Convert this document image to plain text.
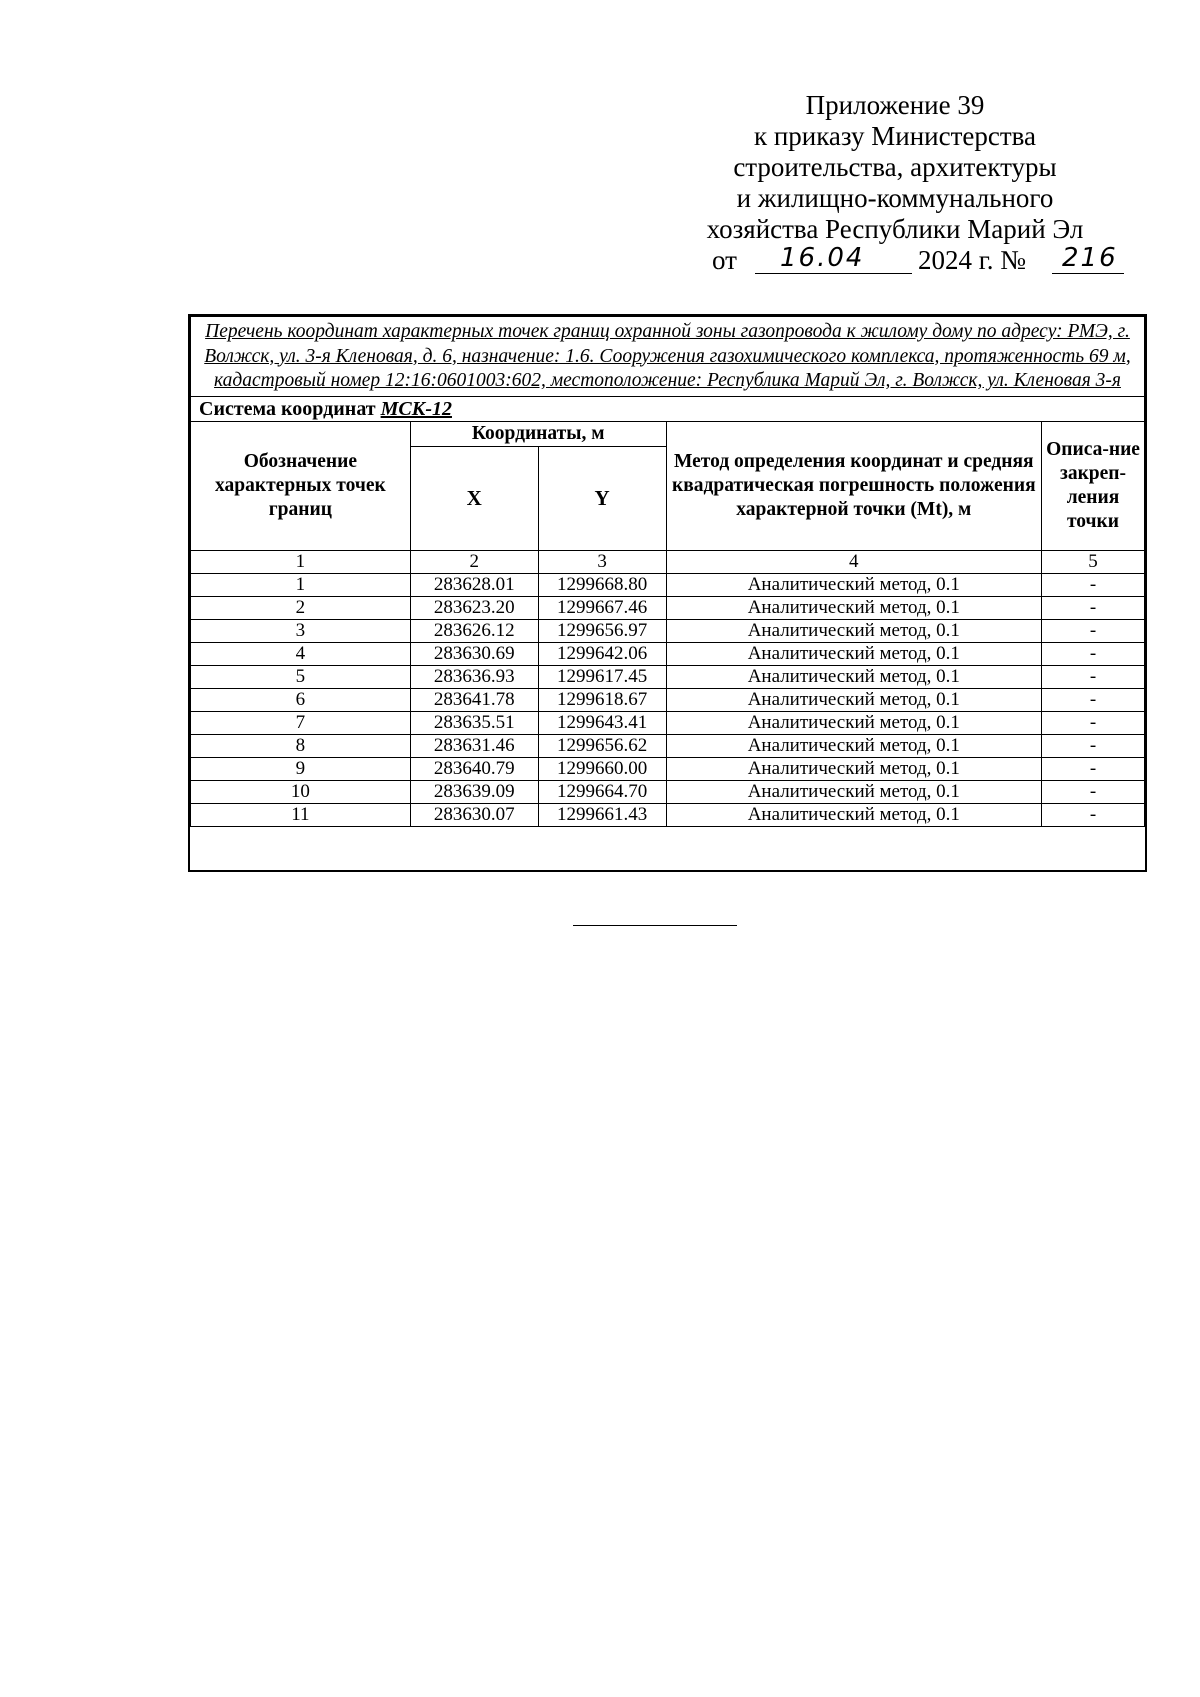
Приложение 39
к приказу Министерства
строительства, архитектуры
и жилищно-коммунального
хозяйства Республики Марий Эл
от 16.04 2024 г. № 216
Перечень координат характерных точек границ охранной зоны газопровода к жилому дому по адресу: РМЭ, г. Волжск, ул. 3-я Кленовая, д. 6, назначение: 1.6. Сооружения газохимического комплекса, протяженность 69 м, кадастровый номер 12:16:0601003:602, местоположение: Республика Марий Эл, г. Волжск, ул. Кленовая 3-я				
Система координат МСК-12				
Обозначение характерных точек границ	Координаты, м		Метод определения координат и средняя квадратическая погрешность положения характерной точки (Mt), м	Описа-ние закреп-ления точки
	X	Y		
1	2	3	4	5
1	283628.01	1299668.80	Аналитический метод, 0.1	-
2	283623.20	1299667.46	Аналитический метод, 0.1	-
3	283626.12	1299656.97	Аналитический метод, 0.1	-
4	283630.69	1299642.06	Аналитический метод, 0.1	-
5	283636.93	1299617.45	Аналитический метод, 0.1	-
6	283641.78	1299618.67	Аналитический метод, 0.1	-
7	283635.51	1299643.41	Аналитический метод, 0.1	-
8	283631.46	1299656.62	Аналитический метод, 0.1	-
9	283640.79	1299660.00	Аналитический метод, 0.1	-
10	283639.09	1299664.70	Аналитический метод, 0.1	-
11	283630.07	1299661.43	Аналитический метод, 0.1	-
